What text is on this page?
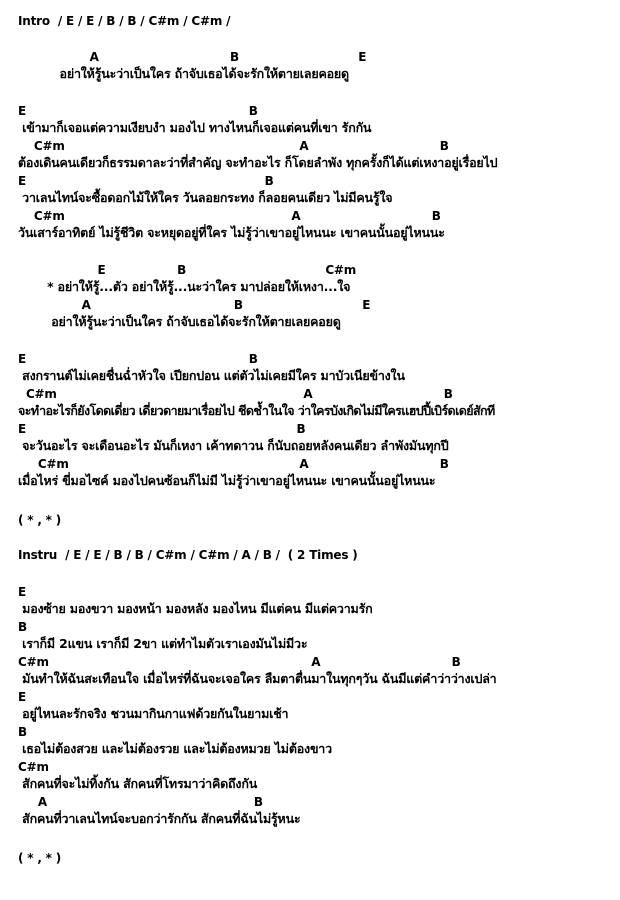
Intro  / E / E / B / B / C#m / C#m /
A                                 B                              E
อย่าให้รู้นะว่าเป็นใคร ถ้าจับเธอได้จะรักให้ตายเลยคอยดู
E                                                        B
เข้ามาก็เจอแต่ความเงียบงำ มองไป ทางไหนก็เจอแต่คนที่เขา รักกัน
C#m                                                           A                                 B
ต้องเดินคนเดียวก็ธรรมดาละว่าที่สำคัญ จะทำอะไร ก็โดยลำพัง ทุกครั้งก็ได้แต่เหงาอยู่เรื่อยไป
E                                                            B
วาเลนไทน์จะซื้อดอกไม้ให้ใคร วันลอยกระทง ก็ลอยคนเดียว ไม่มีคนรู้ใจ
C#m                                                         A                                 B
วันเสาร์อาทิตย์ ไม่รู้ชีวิต จะหยุดอยู่ที่ใคร ไม่รู้ว่าเขาอยู่ไหนนะ เขาคนนั้นอยู่ไหนนะ
E                  B                                   C#m
* อย่าให้รู้...ตัว อย่าให้รู้...นะว่าใคร มาปล่อยให้เหงา...ใจ
A                                    B                              E
อย่าให้รู้นะว่าเป็นใคร ถ้าจับเธอได้จะรักให้ตายเลยคอยดู
E                                                        B
สงกรานต์ไม่เคยชื่นฉ่ำหัวใจ เปียกปอน แต่ตัวไม่เคยมีใคร มาบัวเนียข้างใน
C#m                                                              A                                 B
จะทำอะไรก็ยังโดดเดี่ยว เดี่ยวดายมาเรื่อยไป ชีดช้ำในใจ ว่าใครบังเกิดไม่มีใครแฮปปี้เบิร์ดเดย์สักที
E                                                                    B
จะวันอะไร จะเดือนอะไร มันก็เหงา เค้าทดาวน ก็นับถอยหลังคนเดียว ลำพังมันทุกปี
C#m                                                          A                                 B
เมื่อไหร่ ขี่มอไซค์ มองไปคนซ้อนก็ไม่มี ไม่รู้ว่าเขาอยู่ไหนนะ เขาคนนั้นอยู่ไหนนะ
( * , * )
Instru  / E / E / B / B / C#m / C#m / A / B /  ( 2 Times )
E
มองซ้าย มองขวา มองหน้า มองหลัง มองไหน มีแต่คน มีแต่ความรัก
B
เราก็มี 2แขน เราก็มี 2ขา แต่ทำไมตัวเราเองมันไม่มีวะ
C#m                                                                  A                                 B
มันทำให้ฉันสะเทือนใจ เมื่อไหร่ที่ฉันจะเจอใคร ลืมตาตื่นมาในทุกๆวัน ฉันมีแต่คำว่าว่างเปล่า
E
อยู่ไหนละรักจริง ชวนมากินกาแฟด้วยกันในยามเช้า
B
เธอไม่ต้องสวย และไม่ต้องรวย และไม่ต้องหมวย ไม่ต้องขาว
C#m
สักคนที่จะไม่ทิ้งกัน สักคนที่โทรมาว่าคิดถึงกัน
A                                                    B
สักคนที่วาเลนไทน์จะบอกว่ารักกัน สักคนที่ฉันไม่รู้หนะ
( * , * )
